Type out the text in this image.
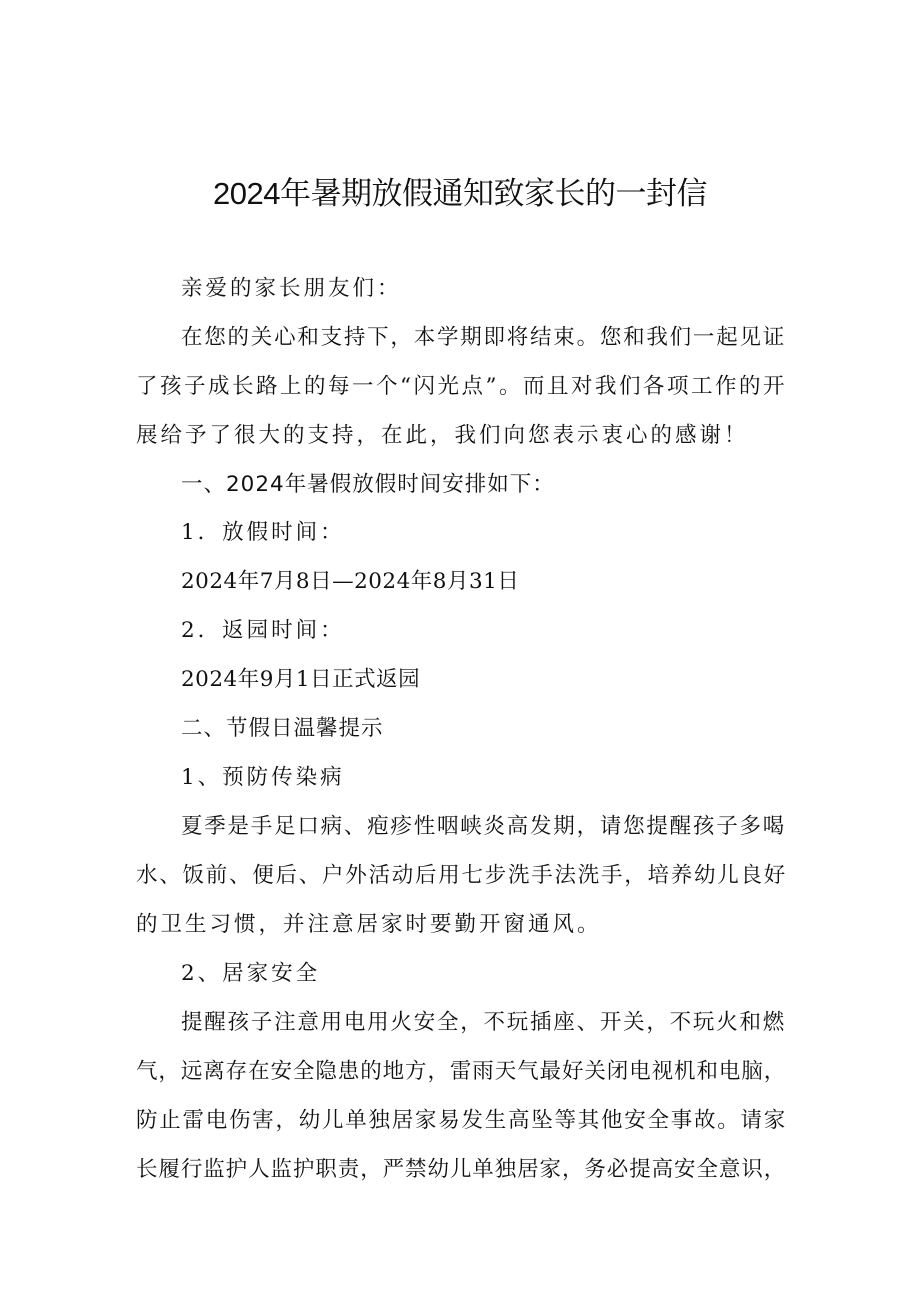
2024年暑期放假通知致家长的一封信

亲爱的家长朋友们：

在您的关心和支持下，本学期即将结束。您和我们一起见证

了孩子成长路上的每一个“闪光点”。而且对我们各项工作的开

展给予了很大的支持，在此，我们向您表示衷心的感谢！

一、2024年暑假放假时间安排如下：

1．放假时间：

2024年7月8日—2024年8月31日

2．返园时间：

2024年9月1日正式返园

二、节假日温馨提示

1、预防传染病

夏季是手足口病、疱疹性咽峡炎高发期，请您提醒孩子多喝

水、饭前、便后、户外活动后用七步洗手法洗手，培养幼儿良好

的卫生习惯，并注意居家时要勤开窗通风。

2、居家安全

提醒孩子注意用电用火安全，不玩插座、开关，不玩火和燃

气，远离存在安全隐患的地方，雷雨天气最好关闭电视机和电脑，

防止雷电伤害，幼儿单独居家易发生高坠等其他安全事故。请家

长履行监护人监护职责，严禁幼儿单独居家，务必提高安全意识，
